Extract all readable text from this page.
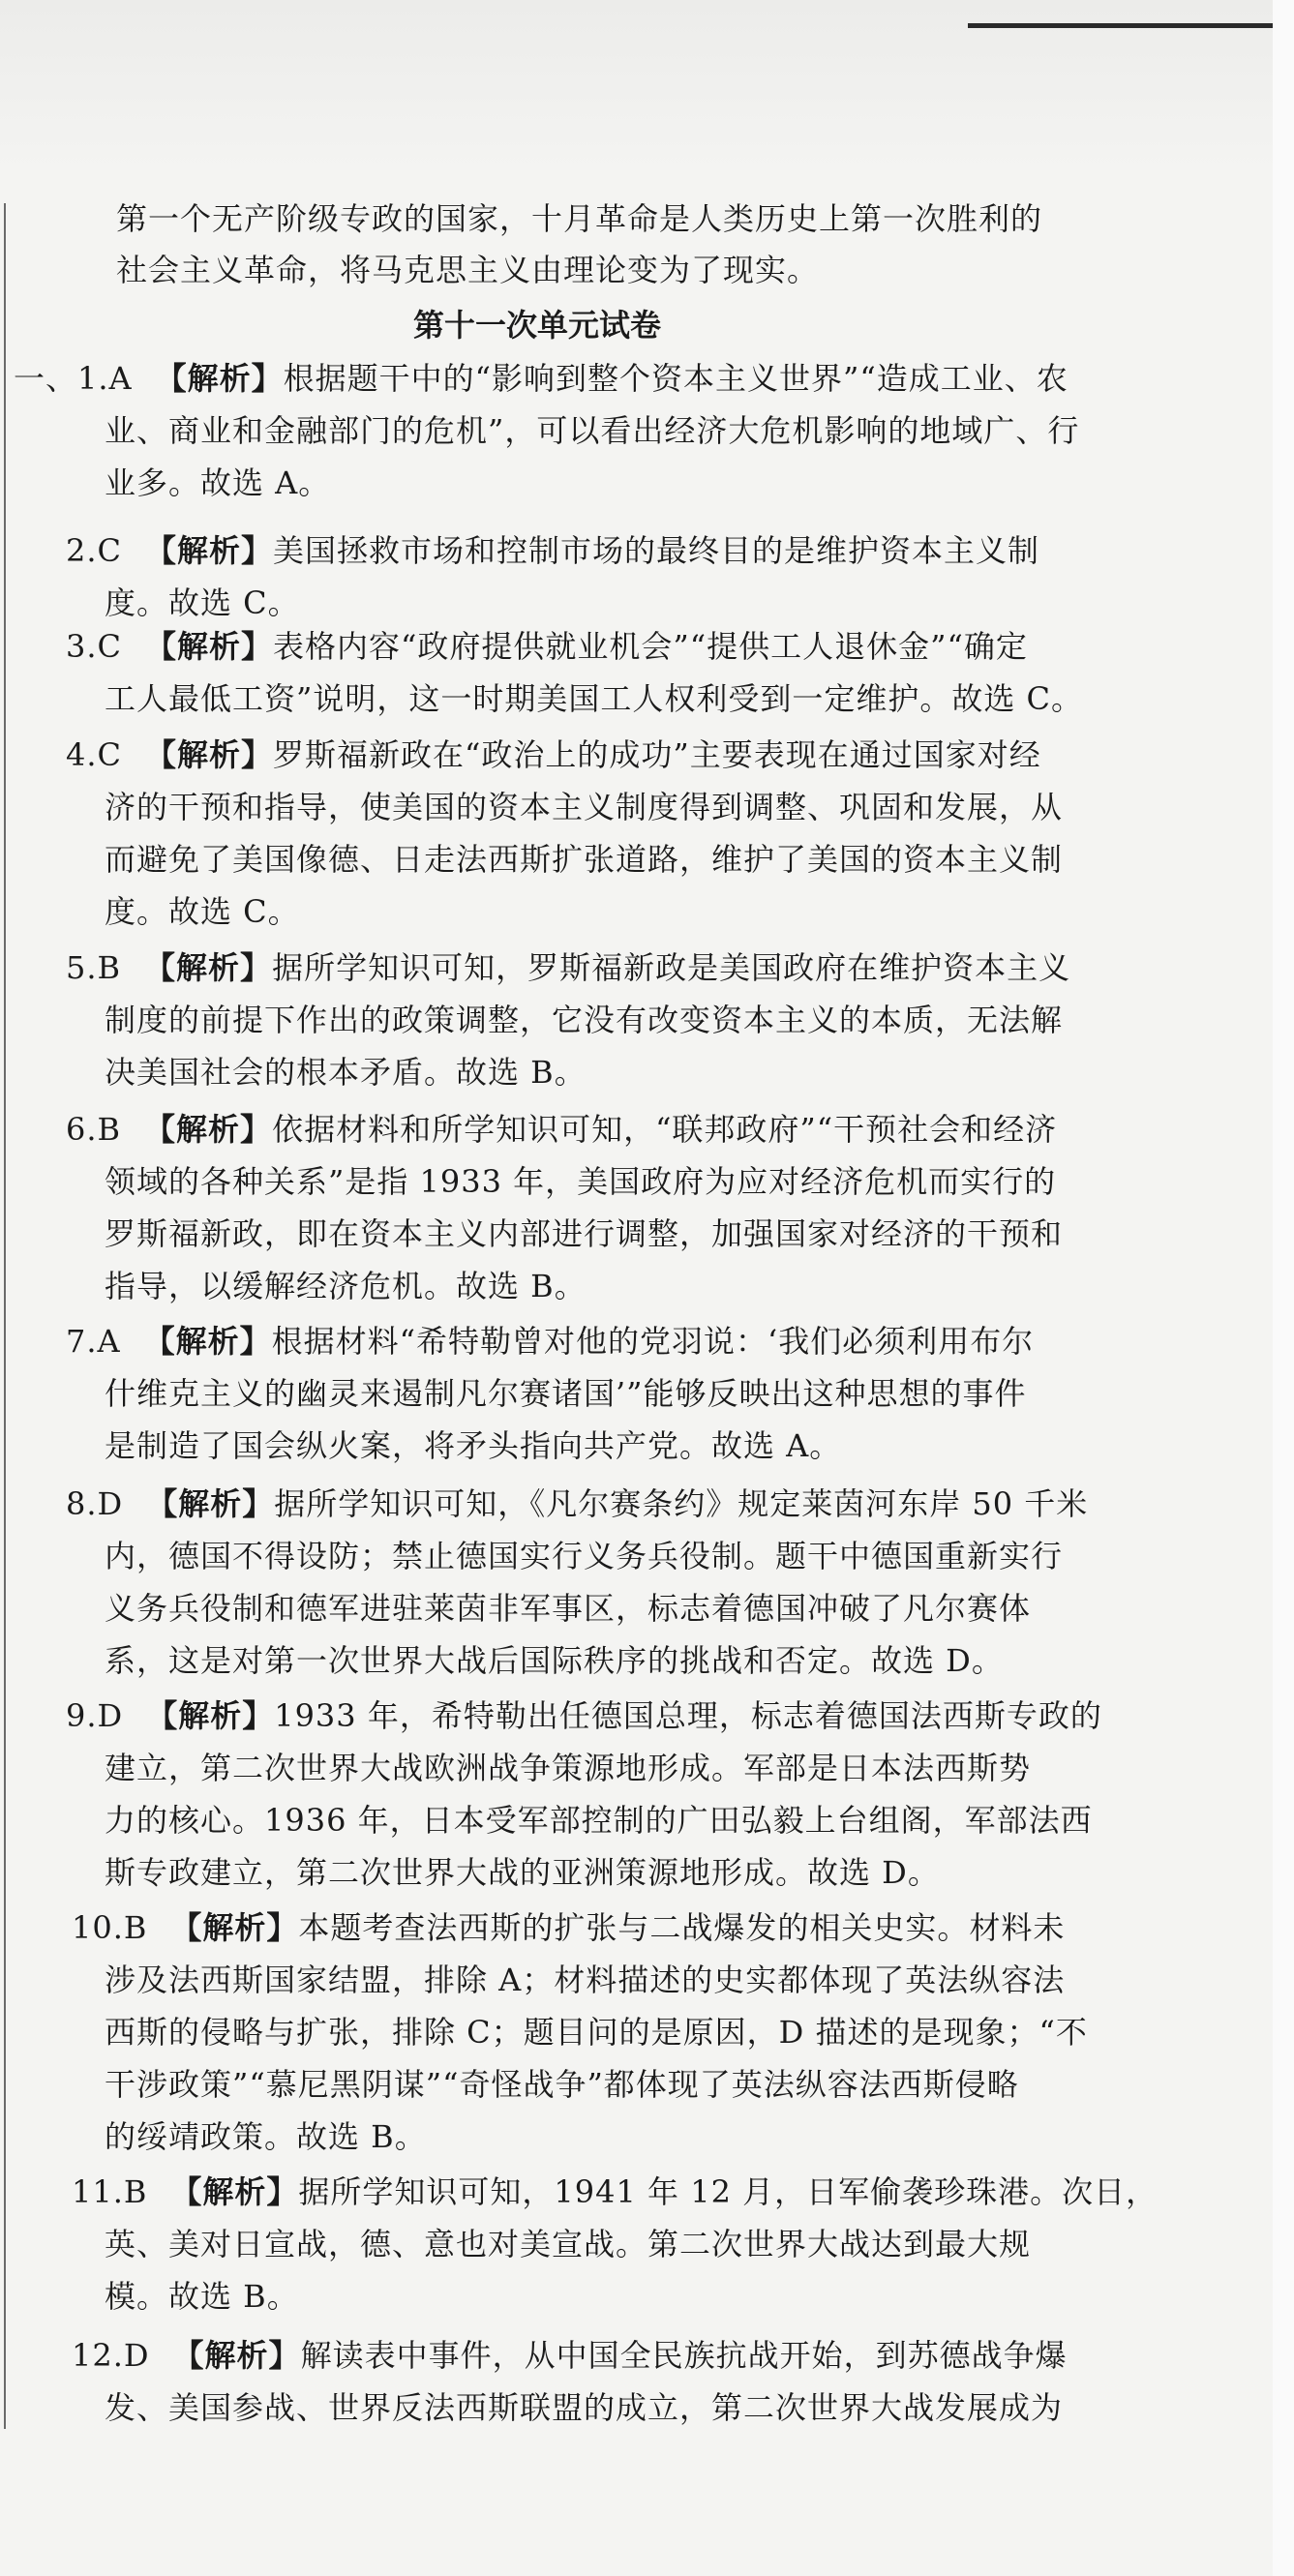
第一个无产阶级专政的国家，十月革命是人类历史上第一次胜利的
社会主义革命，将马克思主义由理论变为了现实。
第十一次单元试卷
一、1.A 【解析】根据题干中的“影响到整个资本主义世界”“造成工业、农
业、商业和金融部门的危机”，可以看出经济大危机影响的地域广、行
业多。故选 A。
2.C 【解析】美国拯救市场和控制市场的最终目的是维护资本主义制
度。故选 C。
3.C 【解析】表格内容“政府提供就业机会”“提供工人退休金”“确定
工人最低工资”说明，这一时期美国工人权利受到一定维护。故选 C。
4.C 【解析】罗斯福新政在“政治上的成功”主要表现在通过国家对经
济的干预和指导，使美国的资本主义制度得到调整、巩固和发展，从
而避免了美国像德、日走法西斯扩张道路，维护了美国的资本主义制
度。故选 C。
5.B 【解析】据所学知识可知，罗斯福新政是美国政府在维护资本主义
制度的前提下作出的政策调整，它没有改变资本主义的本质，无法解
决美国社会的根本矛盾。故选 B。
6.B 【解析】依据材料和所学知识可知，“联邦政府”“干预社会和经济
领域的各种关系”是指 1933 年，美国政府为应对经济危机而实行的
罗斯福新政，即在资本主义内部进行调整，加强国家对经济的干预和
指导，以缓解经济危机。故选 B。
7.A 【解析】根据材料“希特勒曾对他的党羽说：‘我们必须利用布尔
什维克主义的幽灵来遏制凡尔赛诸国’”能够反映出这种思想的事件
是制造了国会纵火案，将矛头指向共产党。故选 A。
8.D 【解析】据所学知识可知，《凡尔赛条约》规定莱茵河东岸 50 千米
内，德国不得设防；禁止德国实行义务兵役制。题干中德国重新实行
义务兵役制和德军进驻莱茵非军事区，标志着德国冲破了凡尔赛体
系，这是对第一次世界大战后国际秩序的挑战和否定。故选 D。
9.D 【解析】1933 年，希特勒出任德国总理，标志着德国法西斯专政的
建立，第二次世界大战欧洲战争策源地形成。军部是日本法西斯势
力的核心。1936 年，日本受军部控制的广田弘毅上台组阁，军部法西
斯专政建立，第二次世界大战的亚洲策源地形成。故选 D。
10.B 【解析】本题考查法西斯的扩张与二战爆发的相关史实。材料未
涉及法西斯国家结盟，排除 A；材料描述的史实都体现了英法纵容法
西斯的侵略与扩张，排除 C；题目问的是原因，D 描述的是现象；“不
干涉政策”“慕尼黑阴谋”“奇怪战争”都体现了英法纵容法西斯侵略
的绥靖政策。故选 B。
11.B 【解析】据所学知识可知，1941 年 12 月，日军偷袭珍珠港。次日，
英、美对日宣战，德、意也对美宣战。第二次世界大战达到最大规
模。故选 B。
12.D 【解析】解读表中事件，从中国全民族抗战开始，到苏德战争爆
发、美国参战、世界反法西斯联盟的成立，第二次世界大战发展成为
